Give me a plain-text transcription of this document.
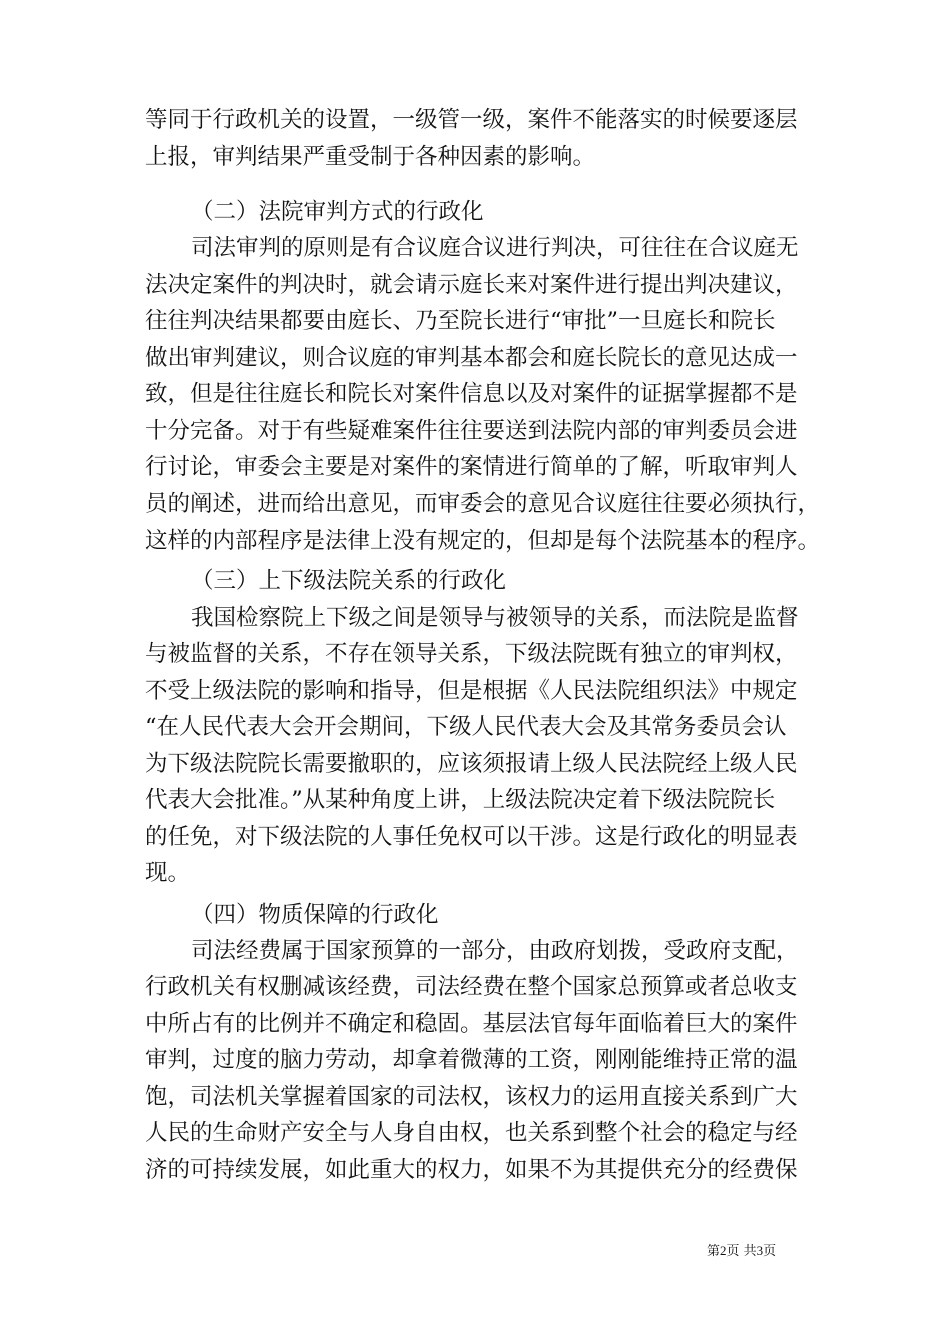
等同于行政机关的设置，一级管一级，案件不能落实的时候要逐层
上报，审判结果严重受制于各种因素的影响。
（二）法院审判方式的行政化
司法审判的原则是有合议庭合议进行判决，可往往在合议庭无
法决定案件的判决时，就会请示庭长来对案件进行提出判决建议，
往往判决结果都要由庭长、乃至院长进行“审批”一旦庭长和院长
做出审判建议，则合议庭的审判基本都会和庭长院长的意见达成一
致，但是往往庭长和院长对案件信息以及对案件的证据掌握都不是
十分完备。对于有些疑难案件往往要送到法院内部的审判委员会进
行讨论，审委会主要是对案件的案情进行简单的了解，听取审判人
员的阐述，进而给出意见，而审委会的意见合议庭往往要必须执行，
这样的内部程序是法律上没有规定的，但却是每个法院基本的程序。
（三）上下级法院关系的行政化
我国检察院上下级之间是领导与被领导的关系，而法院是监督
与被监督的关系，不存在领导关系，下级法院既有独立的审判权，
不受上级法院的影响和指导，但是根据《人民法院组织法》中规定
“在人民代表大会开会期间，下级人民代表大会及其常务委员会认
为下级法院院长需要撤职的，应该须报请上级人民法院经上级人民
代表大会批准。”从某种角度上讲，上级法院决定着下级法院院长
的任免，对下级法院的人事任免权可以干涉。这是行政化的明显表
现。
（四）物质保障的行政化
司法经费属于国家预算的一部分，由政府划拨，受政府支配，
行政机关有权删减该经费，司法经费在整个国家总预算或者总收支
中所占有的比例并不确定和稳固。基层法官每年面临着巨大的案件
审判，过度的脑力劳动，却拿着微薄的工资，刚刚能维持正常的温
饱，司法机关掌握着国家的司法权，该权力的运用直接关系到广大
人民的生命财产安全与人身自由权，也关系到整个社会的稳定与经
济的可持续发展，如此重大的权力，如果不为其提供充分的经费保
第2页 共3页
